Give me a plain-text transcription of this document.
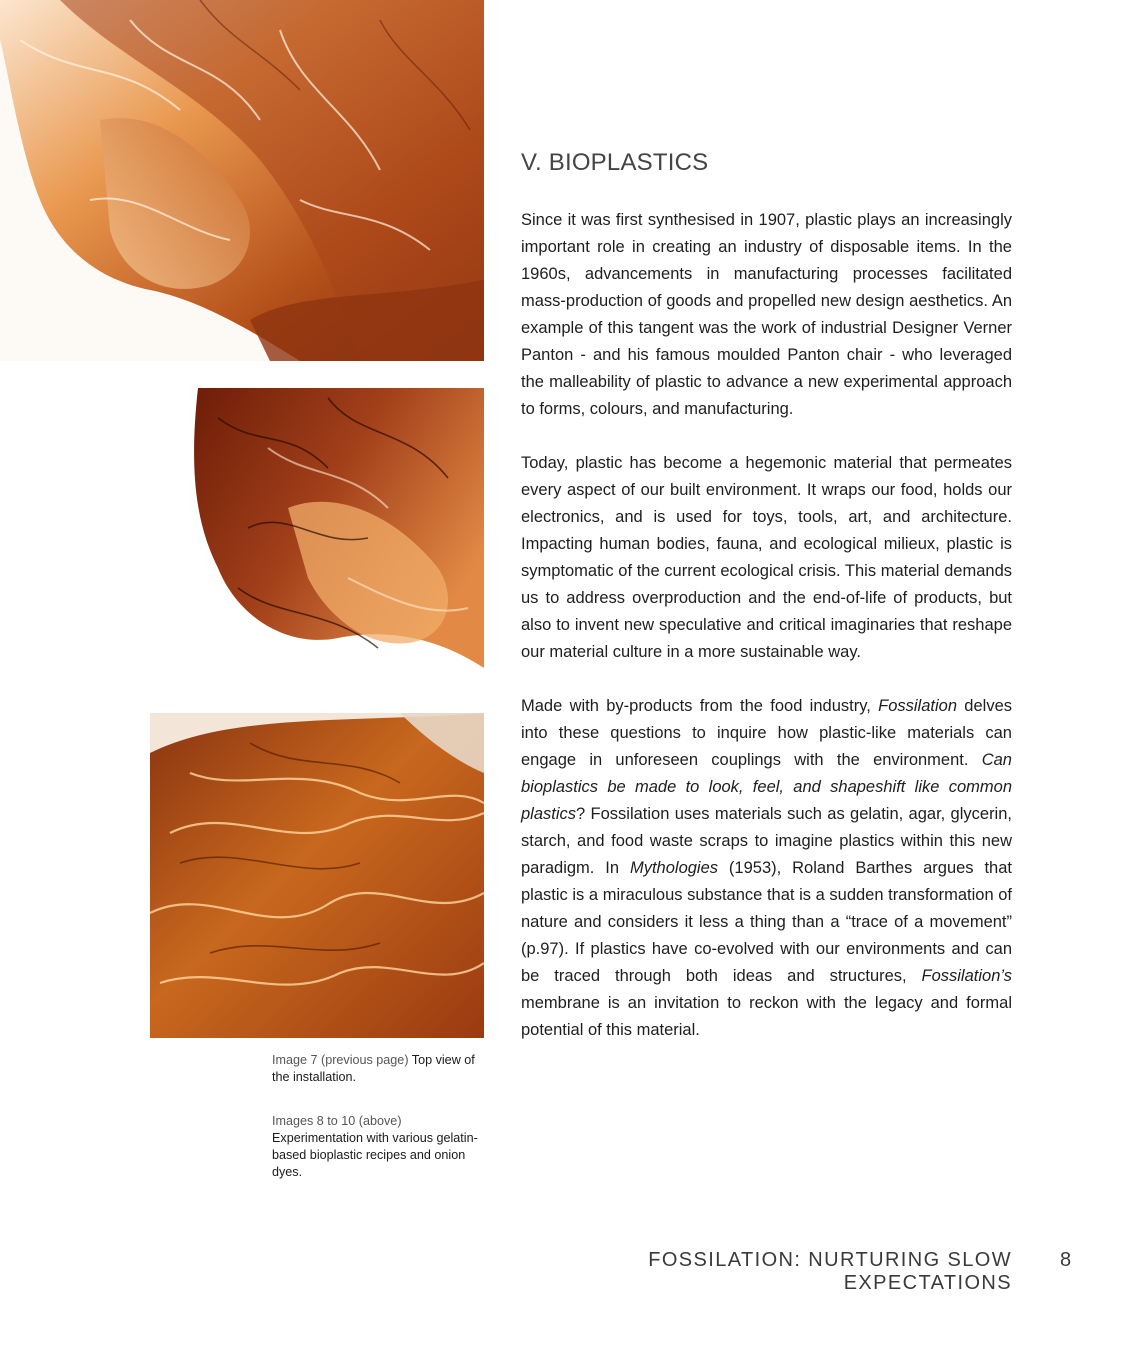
Image 7 (previous page) Top view of the installation.
Images 8 to 10 (above)
Experimentation with various gelatin-based bioplastic recipes and onion dyes.
V. BIOPLASTICS

Since it was first synthesised in 1907, plastic plays an increasingly important role in creating an industry of disposable items. In the 1960s, advancements in manufacturing processes facilitated mass-production of goods and propelled new design aesthetics. An example of this tangent was the work of industrial Designer Verner Panton - and his famous moulded Panton chair - who leveraged the malleability of plastic to advance a new experimental approach to forms, colours, and manufacturing.

Today, plastic has become a hegemonic material that permeates every aspect of our built environment. It wraps our food, holds our electronics, and is used for toys, tools, art, and architecture. Impacting human bodies, fauna, and ecological milieux, plastic is symptomatic of the current ecological crisis. This material demands us to address overproduction and the end-of-life of products, but also to invent new speculative and critical imaginaries that reshape our material culture in a more sustainable way.

Made with by-products from the food industry, Fossilation delves into these questions to inquire how plastic-like materials can engage in unforeseen couplings with the environment. Can bioplastics be made to look, feel, and shapeshift like common plastics? Fossilation uses materials such as gelatin, agar, glycerin, starch, and food waste scraps to imagine plastics within this new paradigm. In Mythologies (1953), Roland Barthes argues that plastic is a miraculous substance that is a sudden transformation of nature and considers it less a thing than a “trace of a movement” (p.97). If plastics have co-evolved with our environments and can be traced through both ideas and structures, Fossilation’s membrane is an invitation to reckon with the legacy and formal potential of this material.

FOSSILATION: NURTURING SLOW EXPECTATIONS
8
